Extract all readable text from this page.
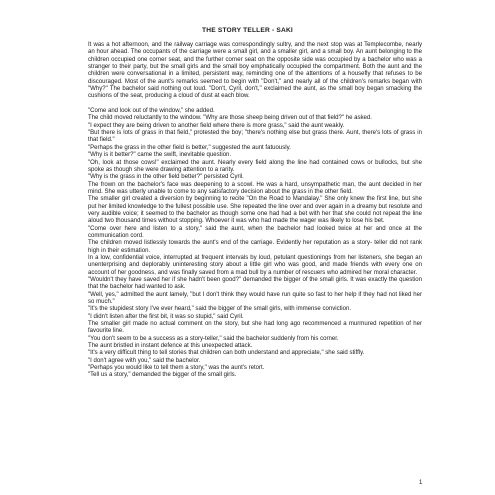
THE STORY TELLER - SAKI

It was a hot afternoon, and the railway carriage was correspondingly sultry, and the next stop was at Templecombe, nearly an hour ahead. The occupants of the carriage were a small girl, and a smaller girl, and a small boy. An aunt belonging to the children occupied one corner seat, and the further corner seat on the opposite side was occupied by a bachelor who was a stranger to their party, but the small girls and the small boy emphatically occupied the compartment. Both the aunt and the children were conversational in a limited, persistent way, reminding one of the attentions of a housefly that refuses to be discouraged. Most of the aunt's remarks seemed to begin with "Don't," and nearly all of the children's remarks began with "Why?" The bachelor said nothing out loud. "Don't, Cyril, don't," exclaimed the aunt, as the small boy began smacking the cushions of the seat, producing a cloud of dust at each blow.

"Come and look out of the window," she added.

The child moved reluctantly to the window. "Why are those sheep being driven out of that field?" he asked.

"I expect they are being driven to another field where there is more grass," said the aunt weakly.

"But there is lots of grass in that field," protested the boy; "there's nothing else but grass there. Aunt, there's lots of grass in that field."

"Perhaps the grass in the other field is better," suggested the aunt fatuously.

"Why is it better?" came the swift, inevitable question.

"Oh, look at those cows!" exclaimed the aunt. Nearly every field along the line had contained cows or bullocks, but she spoke as though she were drawing attention to a rarity.

"Why is the grass in the other field better?" persisted Cyril.

The frown on the bachelor's face was deepening to a scowl. He was a hard, unsympathetic man, the aunt decided in her mind. She was utterly unable to come to any satisfactory decision about the grass in the other field.

The smaller girl created a diversion by beginning to recite "On the Road to Mandalay." She only knew the first line, but she put her limited knowledge to the fullest possible use. She repeated the line over and over again in a dreamy but resolute and very audible voice; it seemed to the bachelor as though some one had had a bet with her that she could not repeat the line aloud two thousand times without stopping. Whoever it was who had made the wager was likely to lose his bet.

"Come over here and listen to a story," said the aunt, when the bachelor had looked twice at her and once at the communication cord.

The children moved listlessly towards the aunt's end of the carriage. Evidently her reputation as a story- teller did not rank high in their estimation.

In a low, confidential voice, interrupted at frequent intervals by loud, petulant questionings from her listeners, she began an unenterprising and deplorably uninteresting story about a little girl who was good, and made friends with every one on account of her goodness, and was finally saved from a mad bull by a number of rescuers who admired her moral character.

"Wouldn't they have saved her if she hadn't been good?" demanded the bigger of the small girls. It was exactly the question that the bachelor had wanted to ask.

"Well, yes," admitted the aunt lamely, "but I don't think they would have run quite so fast to her help if they had not liked her so much."

"It's the stupidest story I've ever heard," said the bigger of the small girls, with immense conviction.

"I didn't listen after the first bit, it was so stupid," said Cyril.

The smaller girl made no actual comment on the story, but she had long ago recommenced a murmured repetition of her favourite line.

"You don't seem to be a success as a story-teller," said the bachelor suddenly from his corner.

The aunt bristled in instant defence at this unexpected attack.

"It's a very difficult thing to tell stories that children can both understand and appreciate," she said stiffly.

"I don't agree with you," said the bachelor.

"Perhaps you would like to tell them a story," was the aunt's retort.

"Tell us a story," demanded the bigger of the small girls.

1
